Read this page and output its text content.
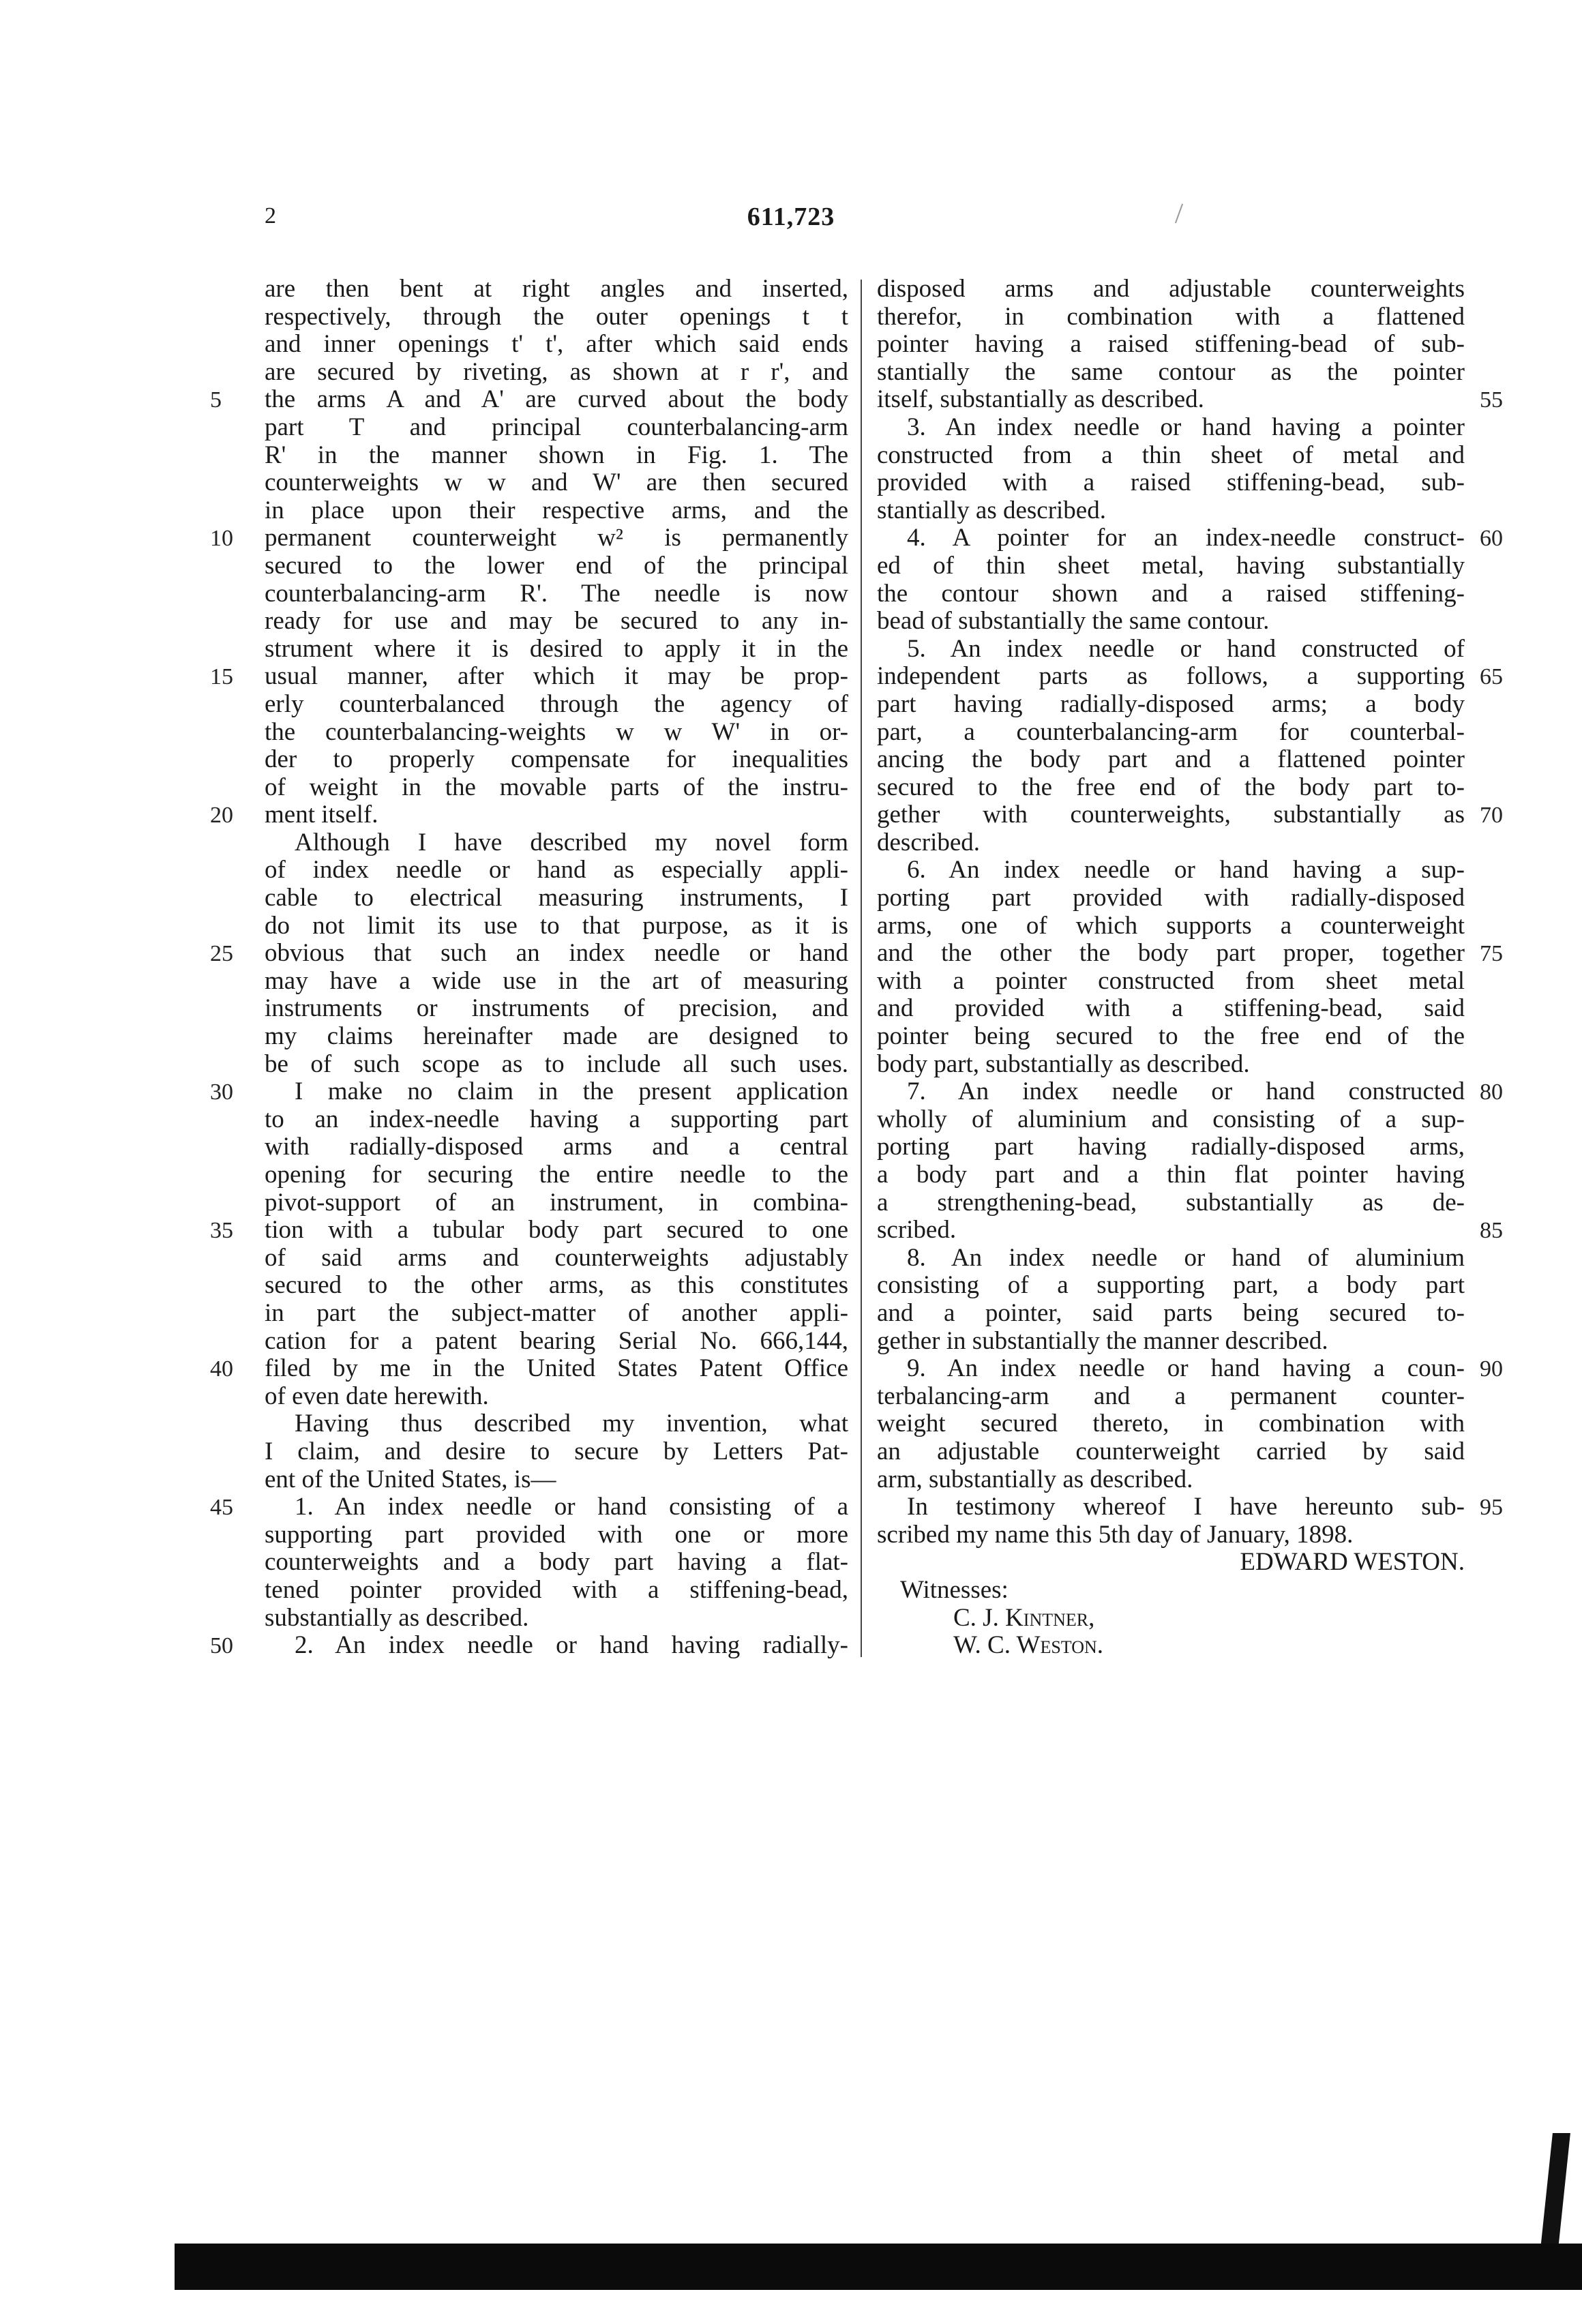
2	611,723
are then bent at right angles and inserted,
respectively, through the outer openings t t
and inner openings t' t', after which said ends
are secured by riveting, as shown at r r', and
the arms A and A' are curved about the body
part T and principal counterbalancing-arm
R' in the manner shown in Fig. 1. The
counterweights w w and W' are then secured
in place upon their respective arms, and the
permanent counterweight w² is permanently
secured to the lower end of the principal
counterbalancing-arm R'. The needle is now
ready for use and may be secured to any in-
strument where it is desired to apply it in the
usual manner, after which it may be prop-
erly counterbalanced through the agency of
the counterbalancing-weights w w W' in or-
der to properly compensate for inequalities
of weight in the movable parts of the instru-
ment itself.
Although I have described my novel form
of index needle or hand as especially appli-
cable to electrical measuring instruments, I
do not limit its use to that purpose, as it is
obvious that such an index needle or hand
may have a wide use in the art of measuring
instruments or instruments of precision, and
my claims hereinafter made are designed to
be of such scope as to include all such uses.
I make no claim in the present application
to an index-needle having a supporting part
with radially-disposed arms and a central
opening for securing the entire needle to the
pivot-support of an instrument, in combina-
tion with a tubular body part secured to one
of said arms and counterweights adjustably
secured to the other arms, as this constitutes
in part the subject-matter of another appli-
cation for a patent bearing Serial No. 666,144,
filed by me in the United States Patent Office
of even date herewith.
Having thus described my invention, what
I claim, and desire to secure by Letters Pat-
ent of the United States, is—
1. An index needle or hand consisting of a
supporting part provided with one or more
counterweights and a body part having a flat-
tened pointer provided with a stiffening-bead,
substantially as described.
2. An index needle or hand having radially-
disposed arms and adjustable counterweights
therefor, in combination with a flattened
pointer having a raised stiffening-bead of sub-
stantially the same contour as the pointer
itself, substantially as described.
3. An index needle or hand having a pointer
constructed from a thin sheet of metal and
provided with a raised stiffening-bead, sub-
stantially as described.
4. A pointer for an index-needle construct-
ed of thin sheet metal, having substantially
the contour shown and a raised stiffening-
bead of substantially the same contour.
5. An index needle or hand constructed of
independent parts as follows, a supporting
part having radially-disposed arms; a body
part, a counterbalancing-arm for counterbal-
ancing the body part and a flattened pointer
secured to the free end of the body part to-
gether with counterweights, substantially as
described.
6. An index needle or hand having a sup-
porting part provided with radially-disposed
arms, one of which supports a counterweight
and the other the body part proper, together
with a pointer constructed from sheet metal
and provided with a stiffening-bead, said
pointer being secured to the free end of the
body part, substantially as described.
7. An index needle or hand constructed
wholly of aluminium and consisting of a sup-
porting part having radially-disposed arms,
a body part and a thin flat pointer having
a strengthening-bead, substantially as de-
scribed.
8. An index needle or hand of aluminium
consisting of a supporting part, a body part
and a pointer, said parts being secured to-
gether in substantially the manner described.
9. An index needle or hand having a coun-
terbalancing-arm and a permanent counter-
weight secured thereto, in combination with
an adjustable counterweight carried by said
arm, substantially as described.
In testimony whereof I have hereunto sub-
scribed my name this 5th day of January, 1898.
EDWARD WESTON.
Witnesses:
C. J. Kintner,
W. C. Weston.
5
10
15
20
25
30
35
40
45
50
55
60
65
70
75
80
85
90
95
